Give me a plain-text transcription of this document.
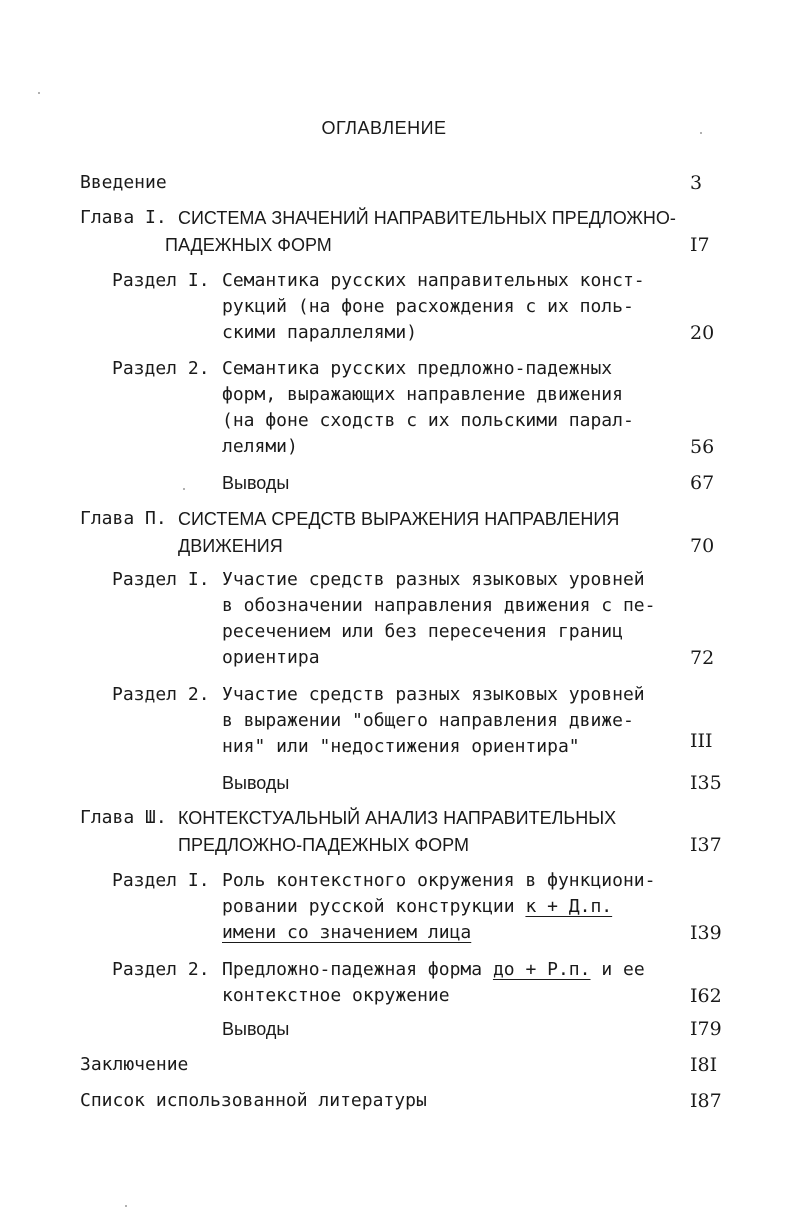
ОГЛАВЛЕНИЕ
Введение	3
Глава I. СИСТЕМА ЗНАЧЕНИЙ НАПРАВИТЕЛЬНЫХ ПРЕДЛОЖНО-
ПАДЕЖНЫХ ФОРМ	I7
Раздел I. Семантика русских направительных конст-
рукций (на фоне расхождения с их поль-
скими параллелями)	20
Раздел 2. Семантика русских предложно-падежных
форм, выражающих направление движения
(на фоне сходств с их польскими парал-
лелями)	56
Выводы	67
Глава П. СИСТЕМА СРЕДСТВ ВЫРАЖЕНИЯ НАПРАВЛЕНИЯ
ДВИЖЕНИЯ	70
Раздел I. Участие средств разных языковых уровней
в обозначении направления движения с пе-
ресечением или без пересечения границ
ориентира	72
Раздел 2. Участие средств разных языковых уровней
в выражении "общего направления движе-
ния" или "недостижения ориентира"	III
Выводы	I35
Глава Ш. КОНТЕКСТУАЛЬНЫЙ АНАЛИЗ НАПРАВИТЕЛЬНЫХ
ПРЕДЛОЖНО-ПАДЕЖНЫХ ФОРМ	I37
Раздел I. Роль контекстного окружения в функциони-
ровании русской конструкции к + Д.п.
имени со значением лица	I39
Раздел 2. Предложно-падежная форма до + Р.п. и ее
контекстное окружение	I62
Выводы	I79
Заключение	I8I
Список использованной литературы	I87
